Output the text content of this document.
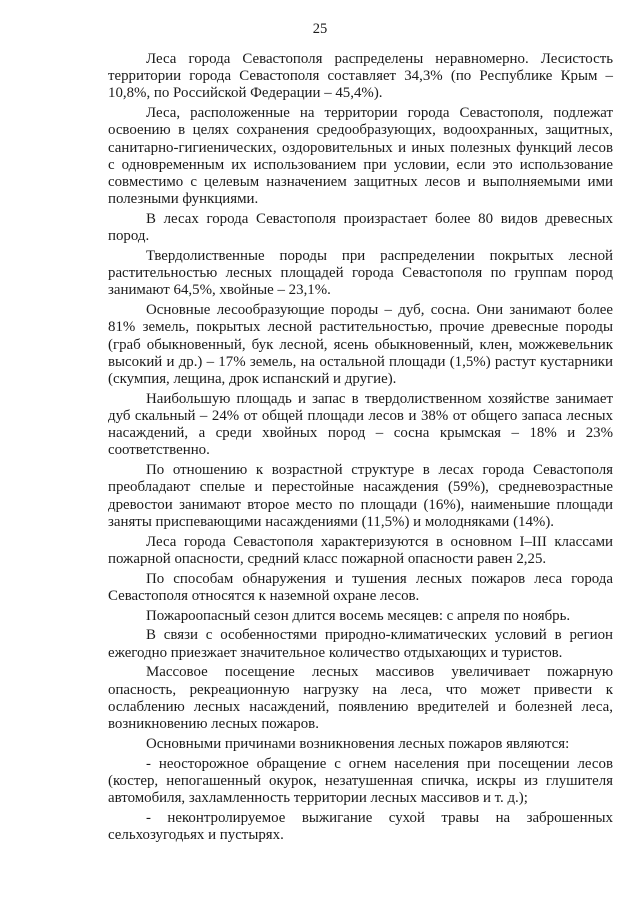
25

Леса города Севастополя распределены неравномерно. Лесистость территории города Севастополя составляет 34,3% (по Республике Крым – 10,8%, по Российской Федерации – 45,4%).

Леса, расположенные на территории города Севастополя, подлежат освоению в целях сохранения средообразующих, водоохранных, защитных, санитарно-гигиенических, оздоровительных и иных полезных функций лесов с одновременным их использованием при условии, если это использование совместимо с целевым назначением защитных лесов и выполняемыми ими полезными функциями.

В лесах города Севастополя произрастает более 80 видов древесных пород.

Твердолиственные породы при распределении покрытых лесной растительностью лесных площадей города Севастополя по группам пород занимают 64,5%, хвойные – 23,1%.

Основные лесообразующие породы – дуб, сосна. Они занимают более 81% земель, покрытых лесной растительностью, прочие древесные породы (граб обыкновенный, бук лесной, ясень обыкновенный, клен, можжевельник высокий и др.) – 17% земель, на остальной площади (1,5%) растут кустарники (скумпия, лещина, дрок испанский и другие).

Наибольшую площадь и запас в твердолиственном хозяйстве занимает дуб скальный – 24% от общей площади лесов и 38% от общего запаса лесных насаждений, а среди хвойных пород – сосна крымская – 18% и 23% соответственно.

По отношению к возрастной структуре в лесах города Севастополя преобладают спелые и перестойные насаждения (59%), средневозрастные древостои занимают второе место по площади (16%), наименьшие площади заняты приспевающими насаждениями (11,5%) и молодняками (14%).

Леса города Севастополя характеризуются в основном I–III классами пожарной опасности, средний класс пожарной опасности равен 2,25.

По способам обнаружения и тушения лесных пожаров леса города Севастополя относятся к наземной охране лесов.

Пожароопасный сезон длится восемь месяцев: с апреля по ноябрь.

В связи с особенностями природно-климатических условий в регион ежегодно приезжает значительное количество отдыхающих и туристов.

Массовое посещение лесных массивов увеличивает пожарную опасность, рекреационную нагрузку на леса, что может привести к ослаблению лесных насаждений, появлению вредителей и болезней леса, возникновению лесных пожаров.

Основными причинами возникновения лесных пожаров являются:

- неосторожное обращение с огнем населения при посещении лесов (костер, непогашенный окурок, незатушенная спичка, искры из глушителя автомобиля, захламленность территории лесных массивов и т. д.);

- неконтролируемое выжигание сухой травы на заброшенных сельхозугодьях и пустырях.
